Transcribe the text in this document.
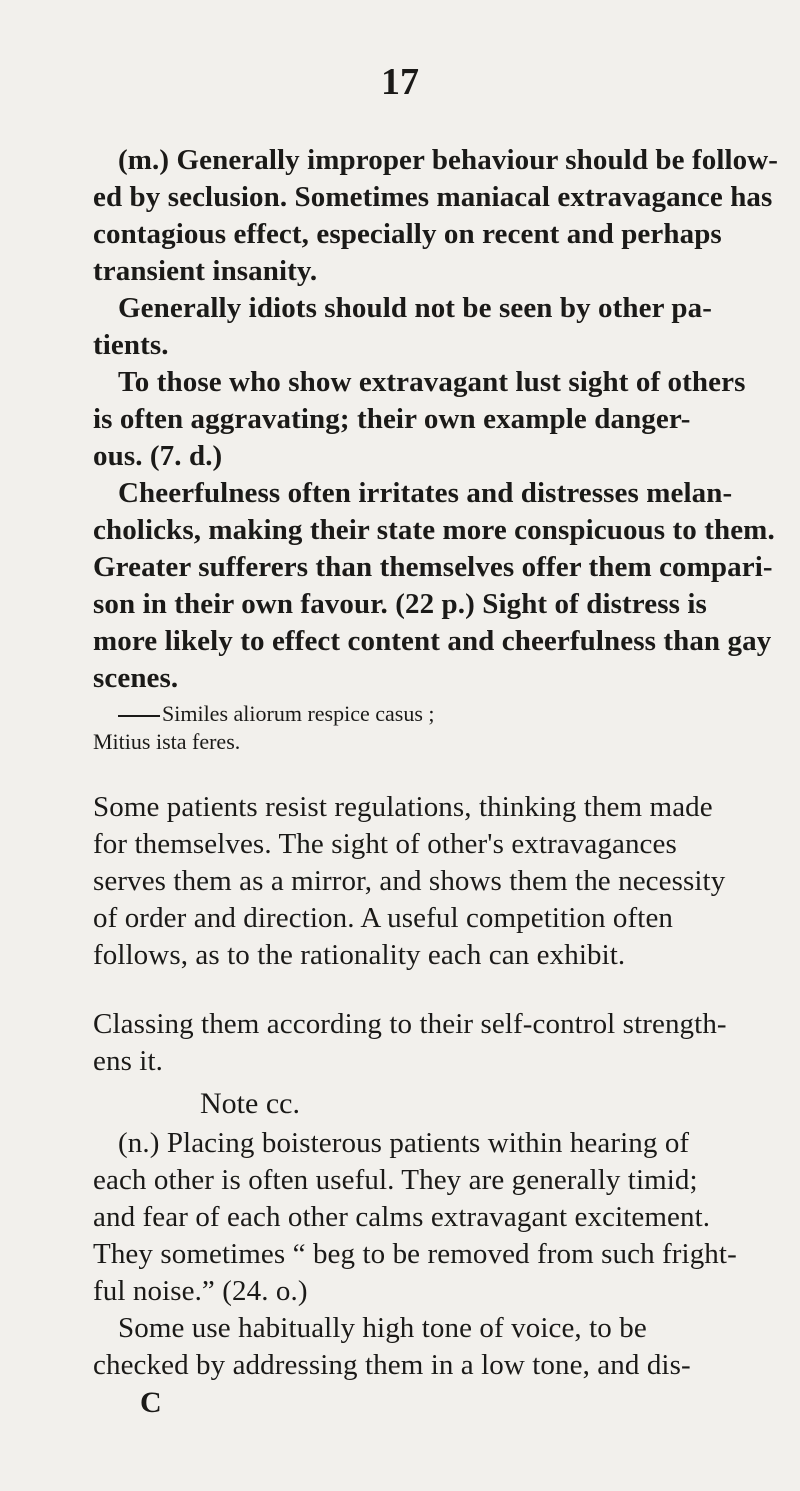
17
(m.) Generally improper behaviour should be follow-
ed by seclusion. Sometimes maniacal extravagance has
contagious effect, especially on recent and perhaps
transient insanity.
Generally idiots should not be seen by other pa-
tients.
To those who show extravagant lust sight of others
is often aggravating; their own example danger-
ous. (7. d.)
Cheerfulness often irritates and distresses melan-
cholicks, making their state more conspicuous to them.
Greater sufferers than themselves offer them compari-
son in their own favour. (22 p.) Sight of distress is
more likely to effect content and cheerfulness than gay
scenes.
Similes aliorum respice casus ;
Mitius ista feres.
Some patients resist regulations, thinking them made
for themselves. The sight of other's extravagances
serves them as a mirror, and shows them the necessity
of order and direction. A useful competition often
follows, as to the rationality each can exhibit.
Classing them according to their self-control strength-
ens it.
Note cc.
(n.) Placing boisterous patients within hearing of
each other is often useful. They are generally timid;
and fear of each other calms extravagant excitement.
They sometimes “ beg to be removed from such fright-
ful noise.” (24. o.)
Some use habitually high tone of voice, to be
checked by addressing them in a low tone, and dis-
C
